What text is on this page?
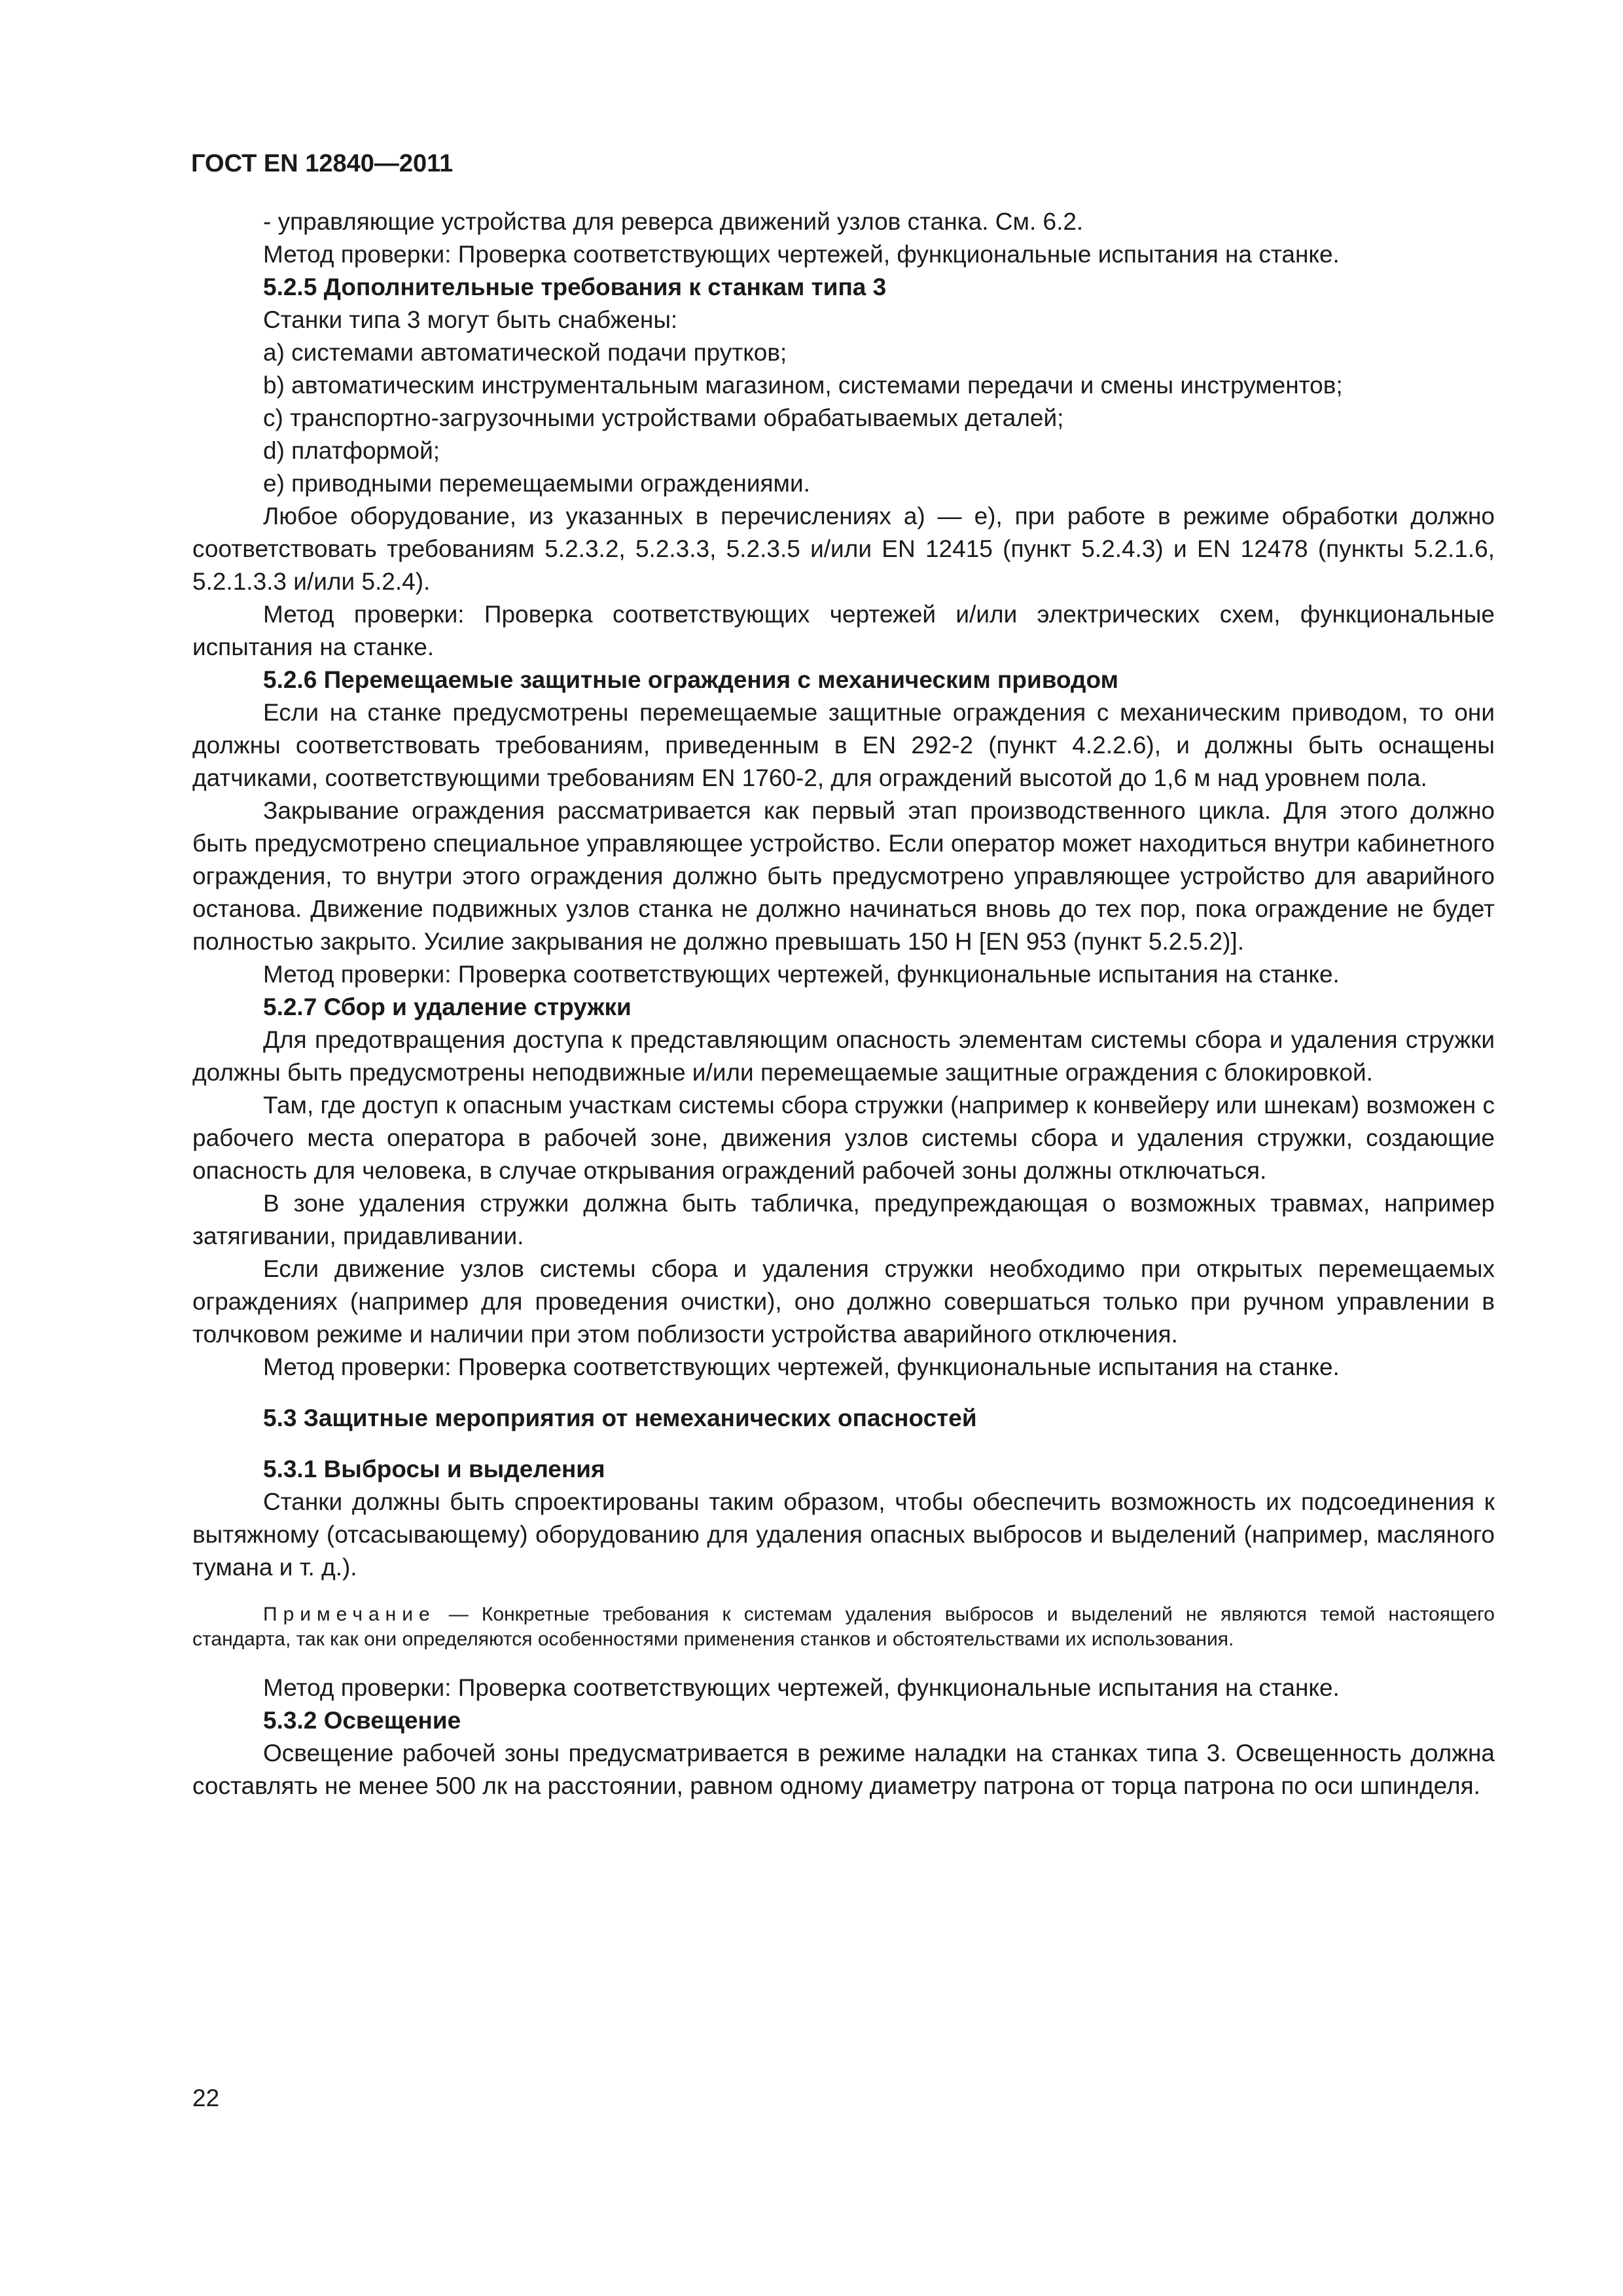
ГОСТ EN 12840—2011

- управляющие устройства для реверса движений узлов станка. См. 6.2.

Метод проверки: Проверка соответствующих чертежей, функциональные испытания на станке.

5.2.5 Дополнительные требования к станкам типа 3

Станки типа 3 могут быть снабжены:

a) системами автоматической подачи прутков;

b) автоматическим инструментальным магазином, системами передачи и смены инструментов;

c) транспортно-загрузочными устройствами обрабатываемых деталей;

d) платформой;

e) приводными перемещаемыми ограждениями.

Любое оборудование, из указанных в перечислениях a) — e), при работе в режиме обработки должно соответствовать требованиям 5.2.3.2, 5.2.3.3, 5.2.3.5 и/или EN 12415 (пункт 5.2.4.3) и EN 12478 (пункты 5.2.1.6, 5.2.1.3.3 и/или 5.2.4).

Метод проверки: Проверка соответствующих чертежей и/или электрических схем, функциональные испытания на станке.

5.2.6 Перемещаемые защитные ограждения с механическим приводом

Если на станке предусмотрены перемещаемые защитные ограждения с механическим приводом, то они должны соответствовать требованиям, приведенным в EN 292-2 (пункт 4.2.2.6), и должны быть оснащены датчиками, соответствующими требованиям EN 1760-2, для ограждений высотой до 1,6 м над уровнем пола.

Закрывание ограждения рассматривается как первый этап производственного цикла. Для этого должно быть предусмотрено специальное управляющее устройство. Если оператор может находиться внутри кабинетного ограждения, то внутри этого ограждения должно быть предусмотрено управляющее устройство для аварийного останова. Движение подвижных узлов станка не должно начинаться вновь до тех пор, пока ограждение не будет полностью закрыто. Усилие закрывания не должно превышать 150 Н [EN 953 (пункт 5.2.5.2)].

Метод проверки: Проверка соответствующих чертежей, функциональные испытания на станке.

5.2.7 Сбор и удаление стружки

Для предотвращения доступа к представляющим опасность элементам системы сбора и удаления стружки должны быть предусмотрены неподвижные и/или перемещаемые защитные ограждения с блокировкой.

Там, где доступ к опасным участкам системы сбора стружки (например к конвейеру или шнекам) возможен с рабочего места оператора в рабочей зоне, движения узлов системы сбора и удаления стружки, создающие опасность для человека, в случае открывания ограждений рабочей зоны должны отключаться.

В зоне удаления стружки должна быть табличка, предупреждающая о возможных травмах, например затягивании, придавливании.

Если движение узлов системы сбора и удаления стружки необходимо при открытых перемещаемых ограждениях (например для проведения очистки), оно должно совершаться только при ручном управлении в толчковом режиме и наличии при этом поблизости устройства аварийного отключения.

Метод проверки: Проверка соответствующих чертежей, функциональные испытания на станке.

5.3 Защитные мероприятия от немеханических опасностей

5.3.1 Выбросы и выделения

Станки должны быть спроектированы таким образом, чтобы обеспечить возможность их подсоединения к вытяжному (отсасывающему) оборудованию для удаления опасных выбросов и выделений (например, масляного тумана и т. д.).

Примечание — Конкретные требования к системам удаления выбросов и выделений не являются темой настоящего стандарта, так как они определяются особенностями применения станков и обстоятельствами их использования.

Метод проверки: Проверка соответствующих чертежей, функциональные испытания на станке.

5.3.2 Освещение

Освещение рабочей зоны предусматривается в режиме наладки на станках типа 3. Освещенность должна составлять не менее 500 лк на расстоянии, равном одному диаметру патрона от торца патрона по оси шпинделя.

22
